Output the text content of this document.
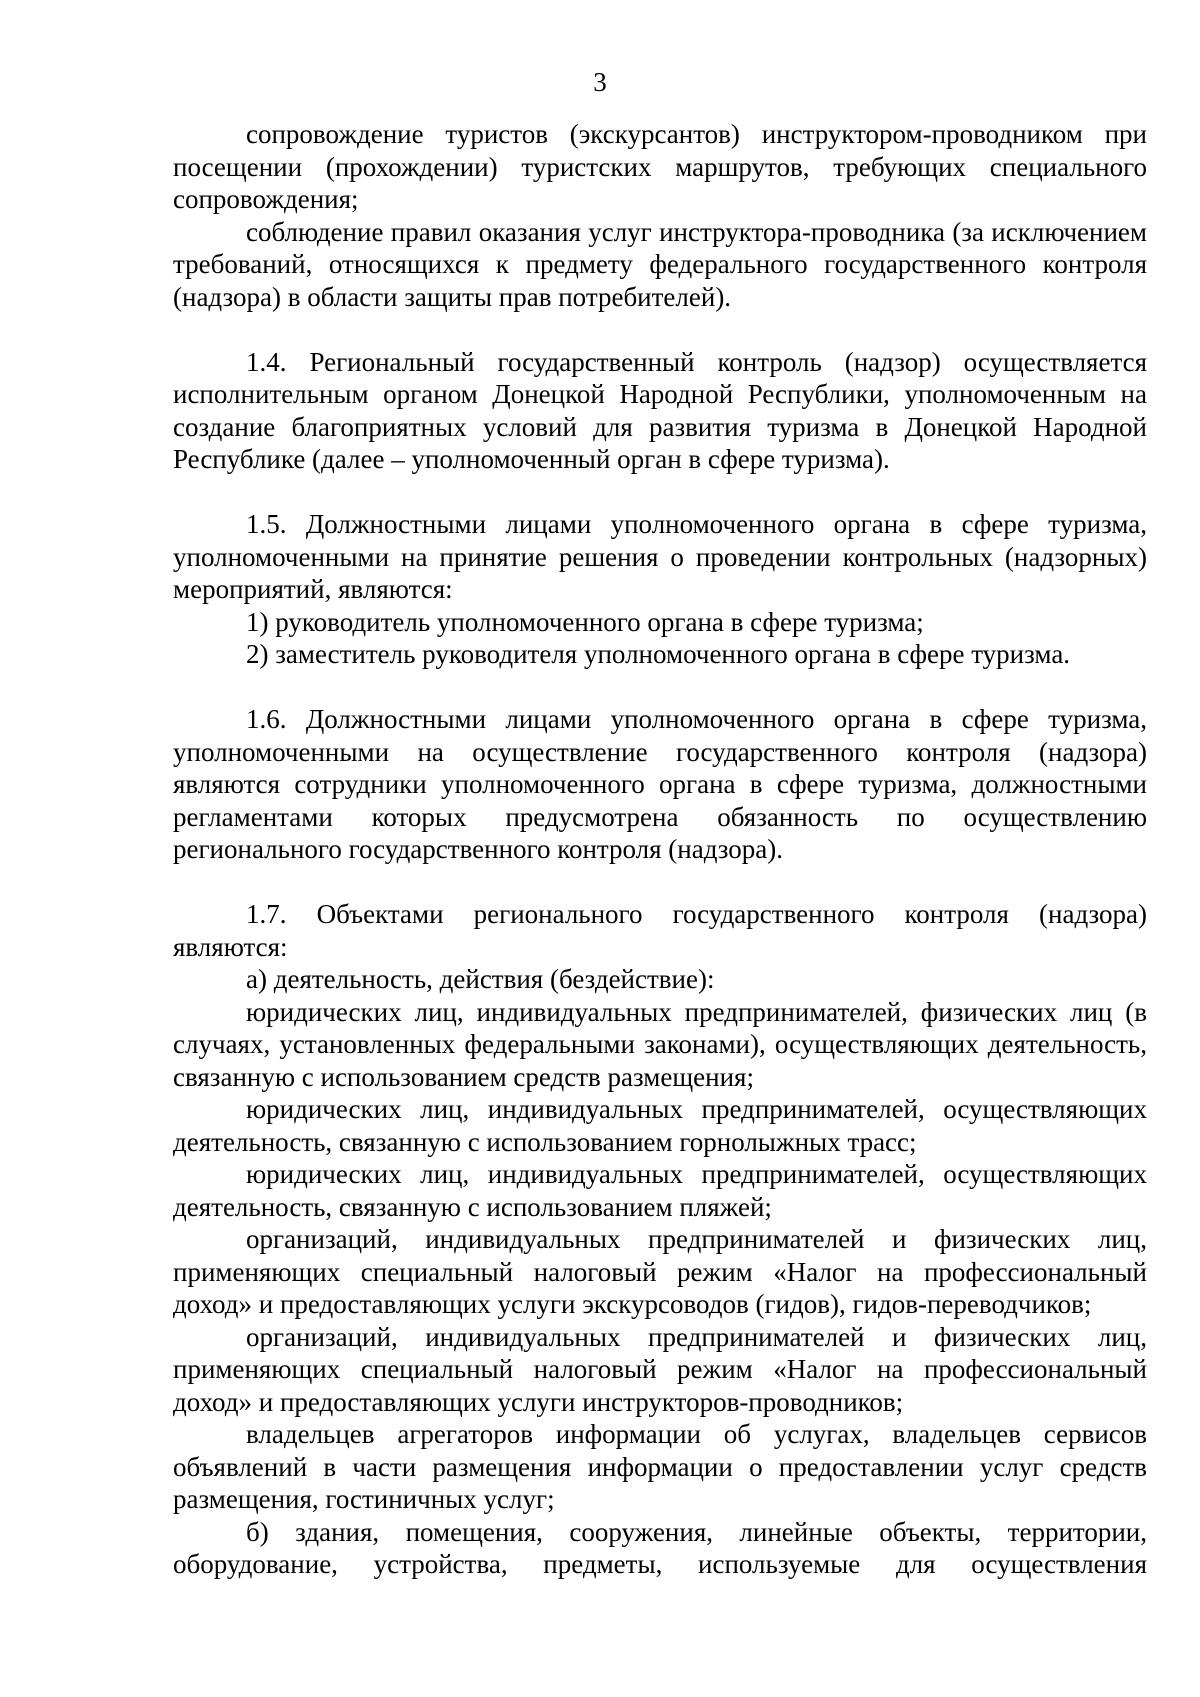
3

сопровождение туристов (экскурсантов) инструктором-проводником при посещении (прохождении) туристских маршрутов, требующих специального сопровождения;

соблюдение правил оказания услуг инструктора-проводника (за исключением требований, относящихся к предмету федерального государственного контроля (надзора) в области защиты прав потребителей).

1.4. Региональный государственный контроль (надзор) осуществляется исполнительным органом Донецкой Народной Республики, уполномоченным на создание благоприятных условий для развития туризма в Донецкой Народной Республике (далее – уполномоченный орган в сфере туризма).

1.5. Должностными лицами уполномоченного органа в сфере туризма, уполномоченными на принятие решения о проведении контрольных (надзорных) мероприятий, являются:

1) руководитель уполномоченного органа в сфере туризма;

2) заместитель руководителя уполномоченного органа в сфере туризма.

1.6. Должностными лицами уполномоченного органа в сфере туризма, уполномоченными на осуществление государственного контроля (надзора) являются сотрудники уполномоченного органа в сфере туризма, должностными регламентами которых предусмотрена обязанность по осуществлению регионального государственного контроля (надзора).

1.7. Объектами регионального государственного контроля (надзора) являются:

а) деятельность, действия (бездействие):

юридических лиц, индивидуальных предпринимателей, физических лиц (в случаях, установленных федеральными законами), осуществляющих деятельность, связанную с использованием средств размещения;

юридических лиц, индивидуальных предпринимателей, осуществляющих деятельность, связанную с использованием горнолыжных трасс;

юридических лиц, индивидуальных предпринимателей, осуществляющих деятельность, связанную с использованием пляжей;

организаций, индивидуальных предпринимателей и физических лиц, применяющих специальный налоговый режим «Налог на профессиональный доход» и предоставляющих услуги экскурсоводов (гидов), гидов-переводчиков;

организаций, индивидуальных предпринимателей и физических лиц, применяющих специальный налоговый режим «Налог на профессиональный доход» и предоставляющих услуги инструкторов-проводников;

владельцев агрегаторов информации об услугах, владельцев сервисов объявлений в части размещения информации о предоставлении услуг средств размещения, гостиничных услуг;

б) здания, помещения, сооружения, линейные объекты, территории, оборудование, устройства, предметы, используемые для осуществления
